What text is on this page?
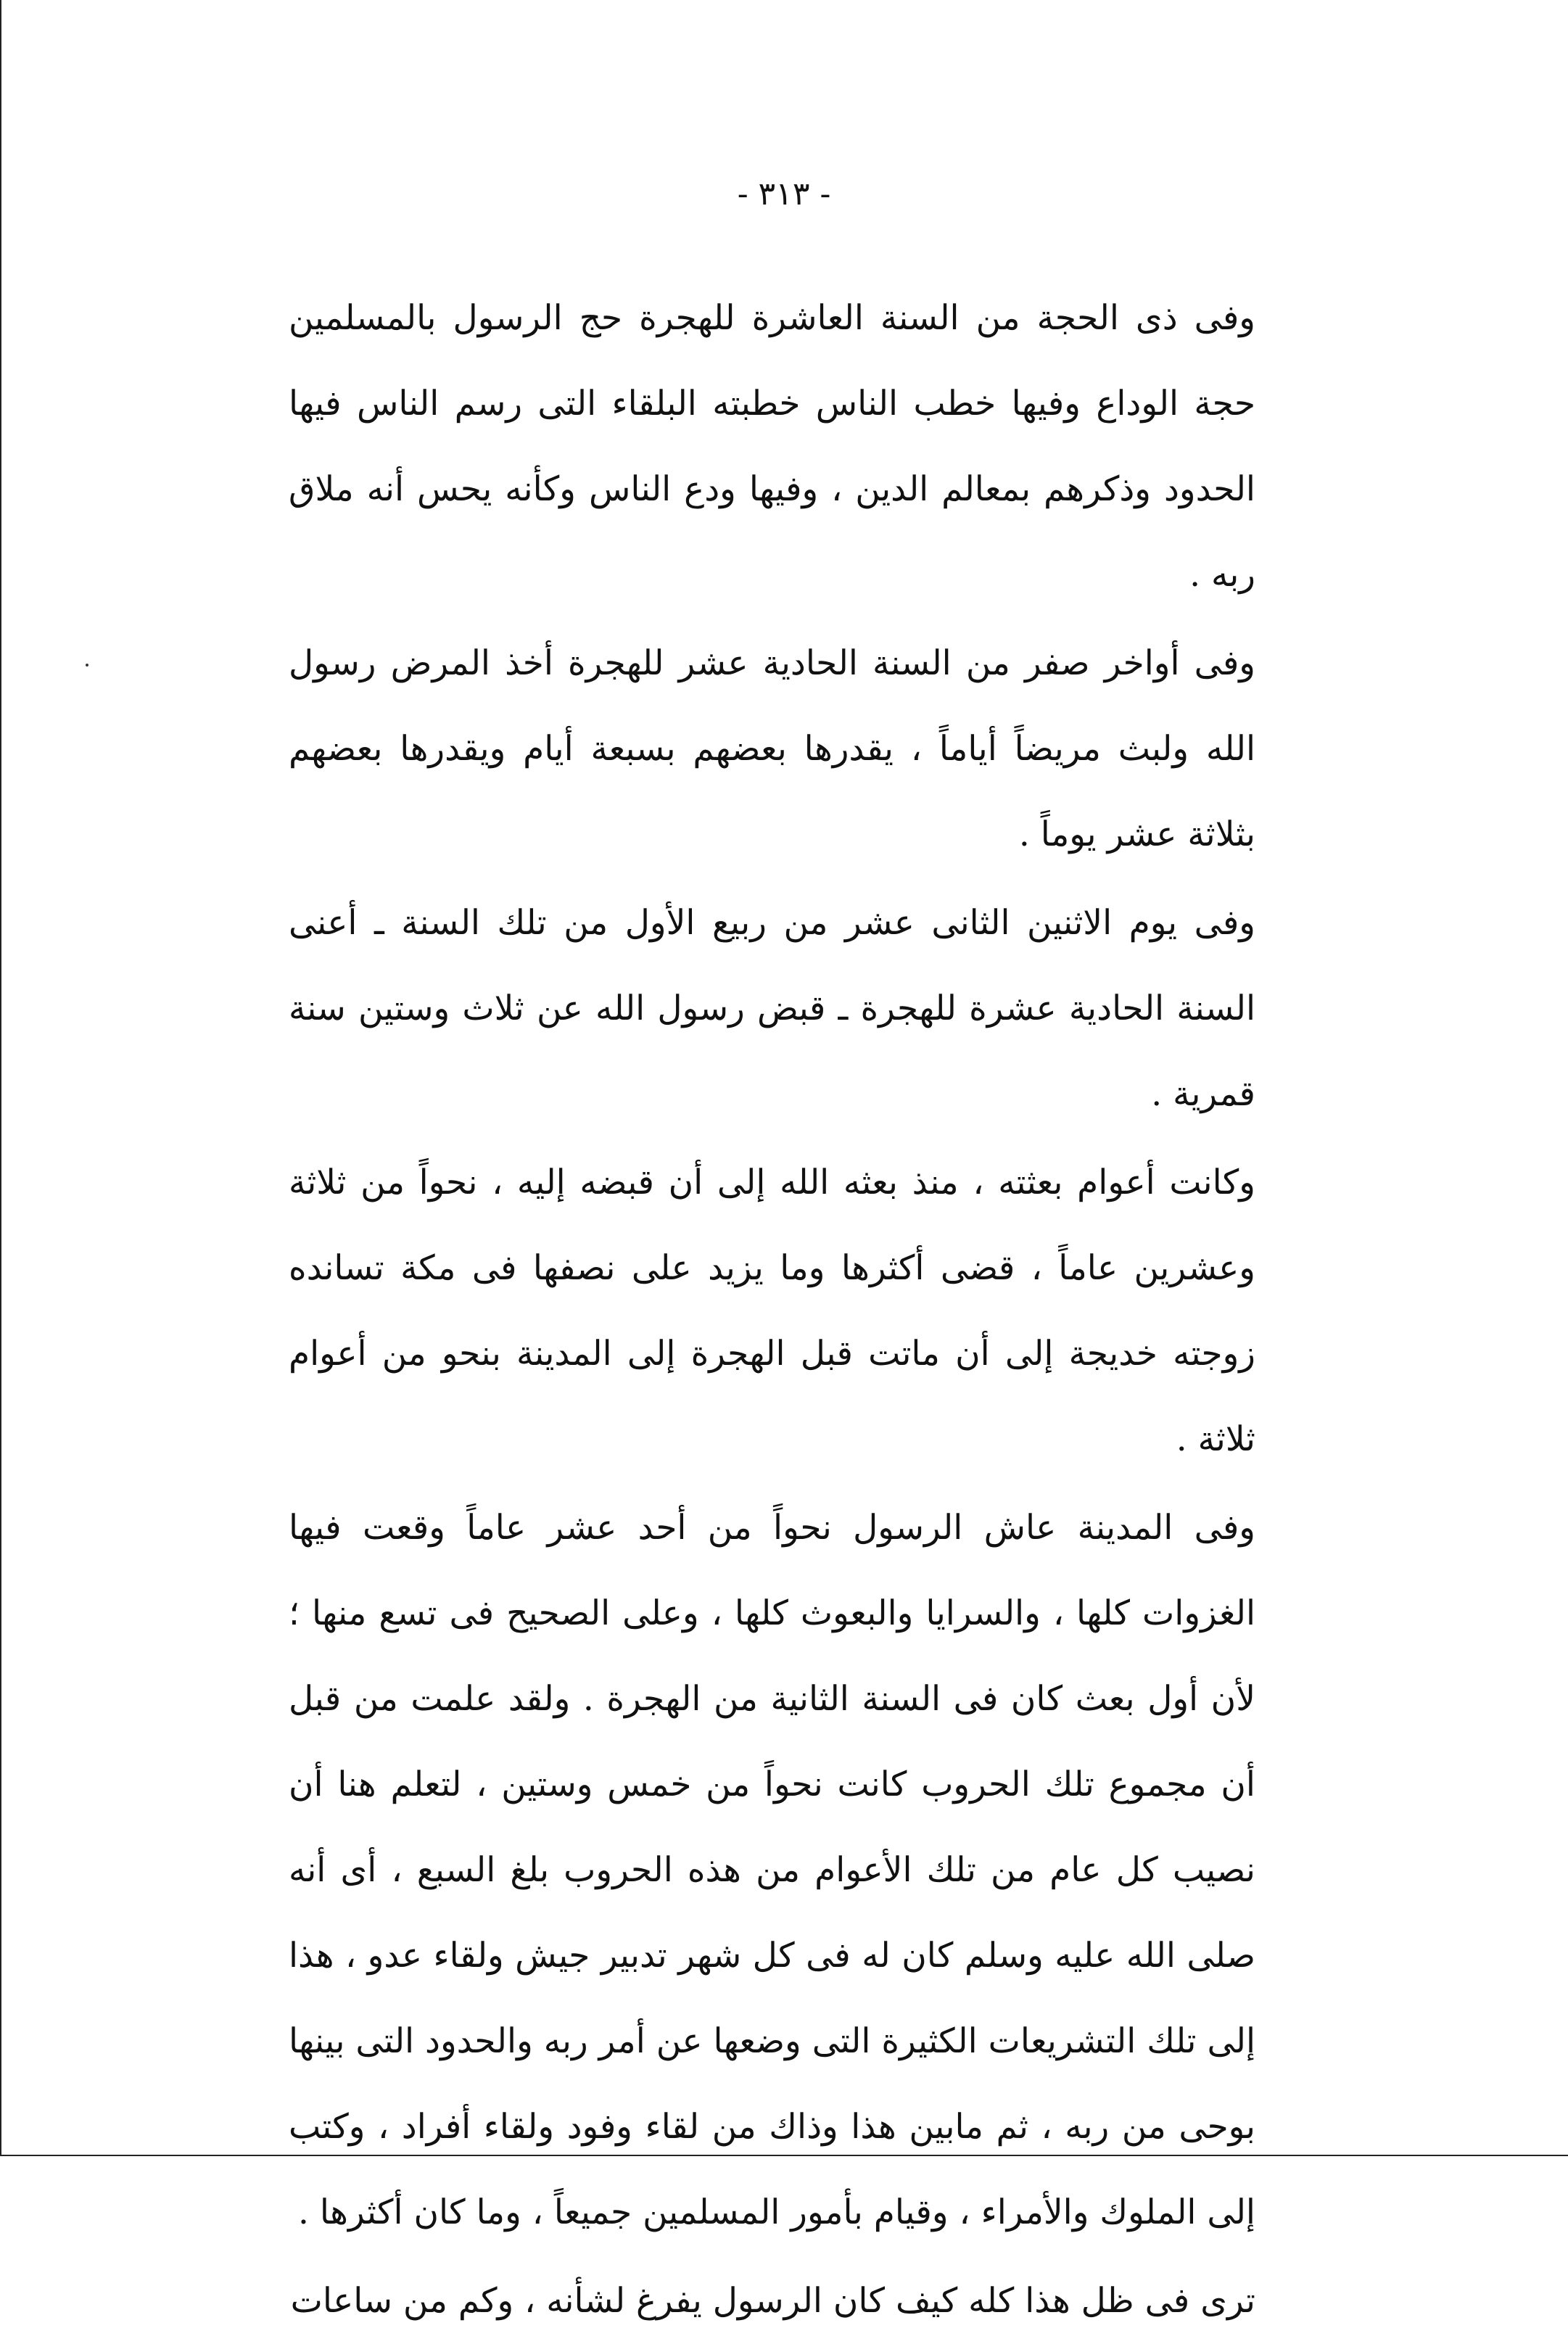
- ٣١٣ -

وفى ذى الحجة من السنة العاشرة للهجرة حج الرسول بالمسلمين حجة الوداع وفيها خطب الناس خطبته البلقاء التى رسم الناس فيها الحدود وذكرهم بمعالم الدين ، وفيها ودع الناس وكأنه يحس أنه ملاق ربه .

وفى أواخر صفر من السنة الحادية عشر للهجرة أخذ المرض رسول الله ولبث مريضاً أياماً ، يقدرها بعضهم بسبعة أيام ويقدرها بعضهم بثلاثة عشر يوماً .

وفى يوم الاثنين الثانى عشر من ربيع الأول من تلك السنة ـ أعنى السنة الحادية عشرة للهجرة ـ قبض رسول الله عن ثلاث وستين سنة قمرية .

وكانت أعوام بعثته ، منذ بعثه الله إلى أن قبضه إليه ، نحواً من ثلاثة وعشرين عاماً ، قضى أكثرها وما يزيد على نصفها فى مكة تسانده زوجته خديجة إلى أن ماتت قبل الهجرة إلى المدينة بنحو من أعوام ثلاثة .

وفى المدينة عاش الرسول نحواً من أحد عشر عاماً وقعت فيها الغزوات كلها ، والسرايا والبعوث كلها ، وعلى الصحيح فى تسع منها ؛ لأن أول بعث كان فى السنة الثانية من الهجرة . ولقد علمت من قبل أن مجموع تلك الحروب كانت نحواً من خمس وستين ، لتعلم هنا أن نصيب كل عام من تلك الأعوام من هذه الحروب بلغ السبع ، أى أنه صلى الله عليه وسلم كان له فى كل شهر تدبير جيش ولقاء عدو ، هذا إلى تلك التشريعات الكثيرة التى وضعها عن أمر ربه والحدود التى بينها بوحى من ربه ، ثم مابين هذا وذاك من لقاء وفود ولقاء أفراد ، وكتب إلى الملوك والأمراء ، وقيام بأمور المسلمين جميعاً ، وما كان أكثرها .

ترى فى ظل هذا كله كيف كان الرسول يفرغ لشأنه ، وكم من ساعات
